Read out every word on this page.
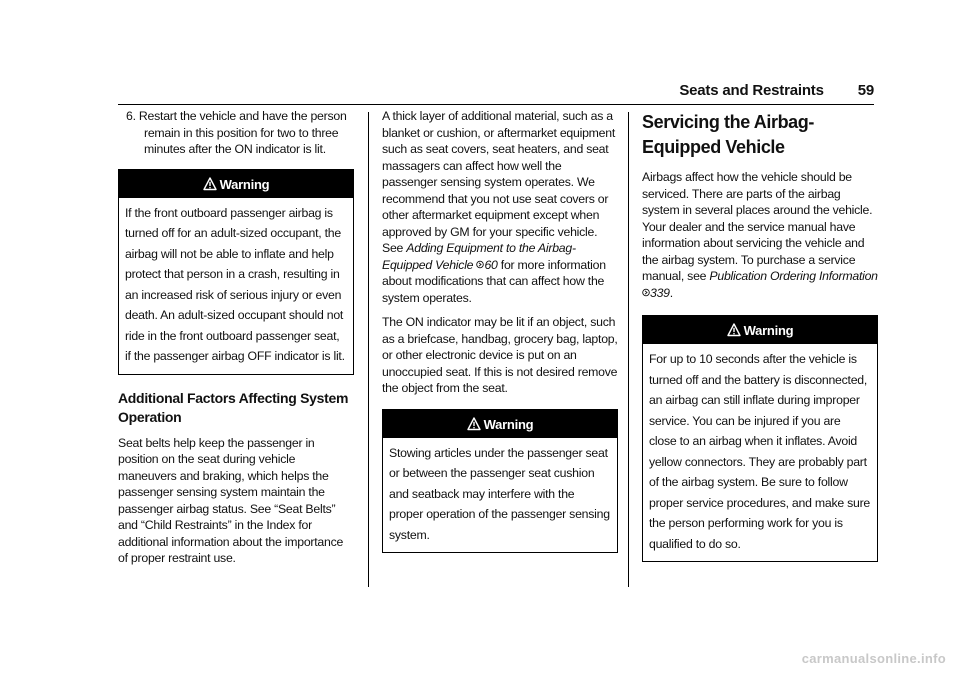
Seats and Restraints 59

6. Restart the vehicle and have the person remain in this position for two to three minutes after the ON indicator is lit.

Warning
If the front outboard passenger airbag is turned off for an adult-sized occupant, the airbag will not be able to inflate and help protect that person in a crash, resulting in an increased risk of serious injury or even death. An adult-sized occupant should not ride in the front outboard passenger seat, if the passenger airbag OFF indicator is lit.
Additional Factors Affecting System Operation

Seat belts help keep the passenger in position on the seat during vehicle maneuvers and braking, which helps the passenger sensing system maintain the passenger airbag status. See “Seat Belts” and “Child Restraints” in the Index for additional information about the importance of proper restraint use.

A thick layer of additional material, such as a blanket or cushion, or aftermarket equipment such as seat covers, seat heaters, and seat massagers can affect how well the passenger sensing system operates. We recommend that you not use seat covers or other aftermarket equipment except when approved by GM for your specific vehicle. See Adding Equipment to the Airbag-Equipped Vehicle 60 for more information about modifications that can affect how the system operates.

The ON indicator may be lit if an object, such as a briefcase, handbag, grocery bag, laptop, or other electronic device is put on an unoccupied seat. If this is not desired remove the object from the seat.

Warning
Stowing articles under the passenger seat or between the passenger seat cushion and seatback may interfere with the proper operation of the passenger sensing system.
Servicing the Airbag-Equipped Vehicle

Airbags affect how the vehicle should be serviced. There are parts of the airbag system in several places around the vehicle. Your dealer and the service manual have information about servicing the vehicle and the airbag system. To purchase a service manual, see Publication Ordering Information 339.

Warning
For up to 10 seconds after the vehicle is turned off and the battery is disconnected, an airbag can still inflate during improper service. You can be injured if you are close to an airbag when it inflates. Avoid yellow connectors. They are probably part of the airbag system. Be sure to follow proper service procedures, and make sure the person performing work for you is qualified to do so.
carmanualsonline.info
